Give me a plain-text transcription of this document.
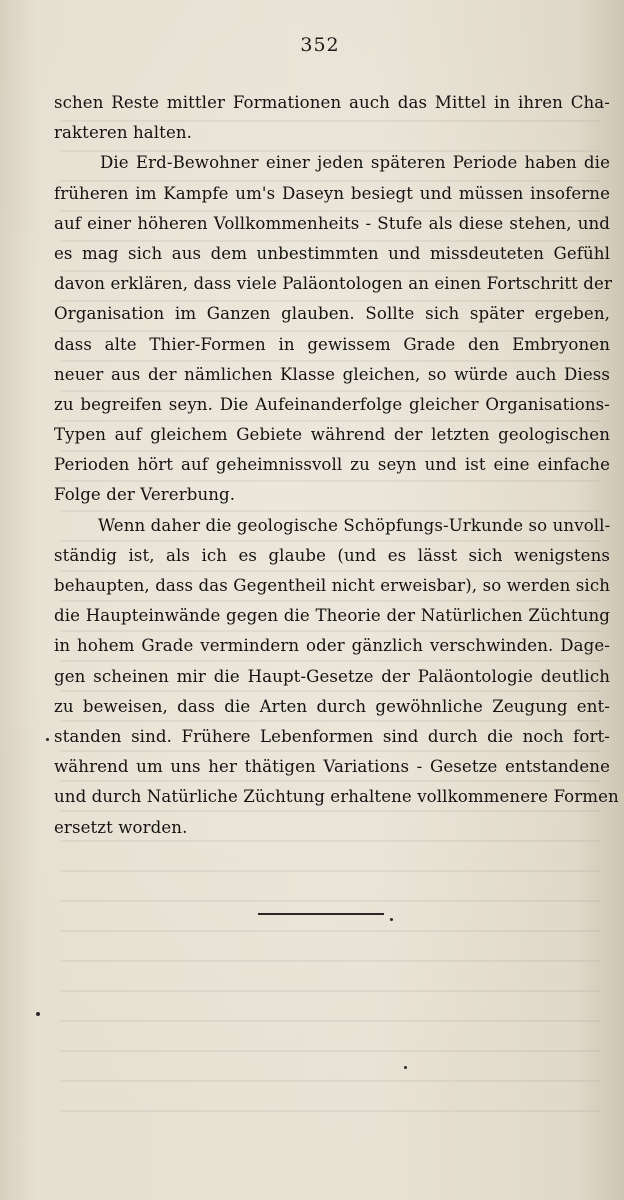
352
schen Reste mittler Formationen auch das Mittel in ihren Cha-
rakteren halten.
Die Erd-Bewohner einer jeden späteren Periode haben die
früheren im Kampfe um's Daseyn besiegt und müssen insoferne
auf einer höheren Vollkommenheits - Stufe als diese stehen, und
es mag sich aus dem unbestimmten und missdeuteten Gefühl
davon erklären, dass viele Paläontologen an einen Fortschritt der
Organisation im Ganzen glauben. Sollte sich später ergeben,
dass alte Thier-Formen in gewissem Grade den Embryonen
neuer aus der nämlichen Klasse gleichen, so würde auch Diess
zu begreifen seyn. Die Aufeinanderfolge gleicher Organisations-
Typen auf gleichem Gebiete während der letzten geologischen
Perioden hört auf geheimnissvoll zu seyn und ist eine einfache
Folge der Vererbung.
Wenn daher die geologische Schöpfungs-Urkunde so unvoll-
ständig ist, als ich es glaube (und es lässt sich wenigstens
behaupten, dass das Gegentheil nicht erweisbar), so werden sich
die Haupteinwände gegen die Theorie der Natürlichen Züchtung
in hohem Grade vermindern oder gänzlich verschwinden. Dage-
gen scheinen mir die Haupt-Gesetze der Paläontologie deutlich
zu beweisen, dass die Arten durch gewöhnliche Zeugung ent-
standen sind. Frühere Lebenformen sind durch die noch fort-
während um uns her thätigen Variations - Gesetze entstandene
und durch Natürliche Züchtung erhaltene vollkommenere Formen
ersetzt worden.
